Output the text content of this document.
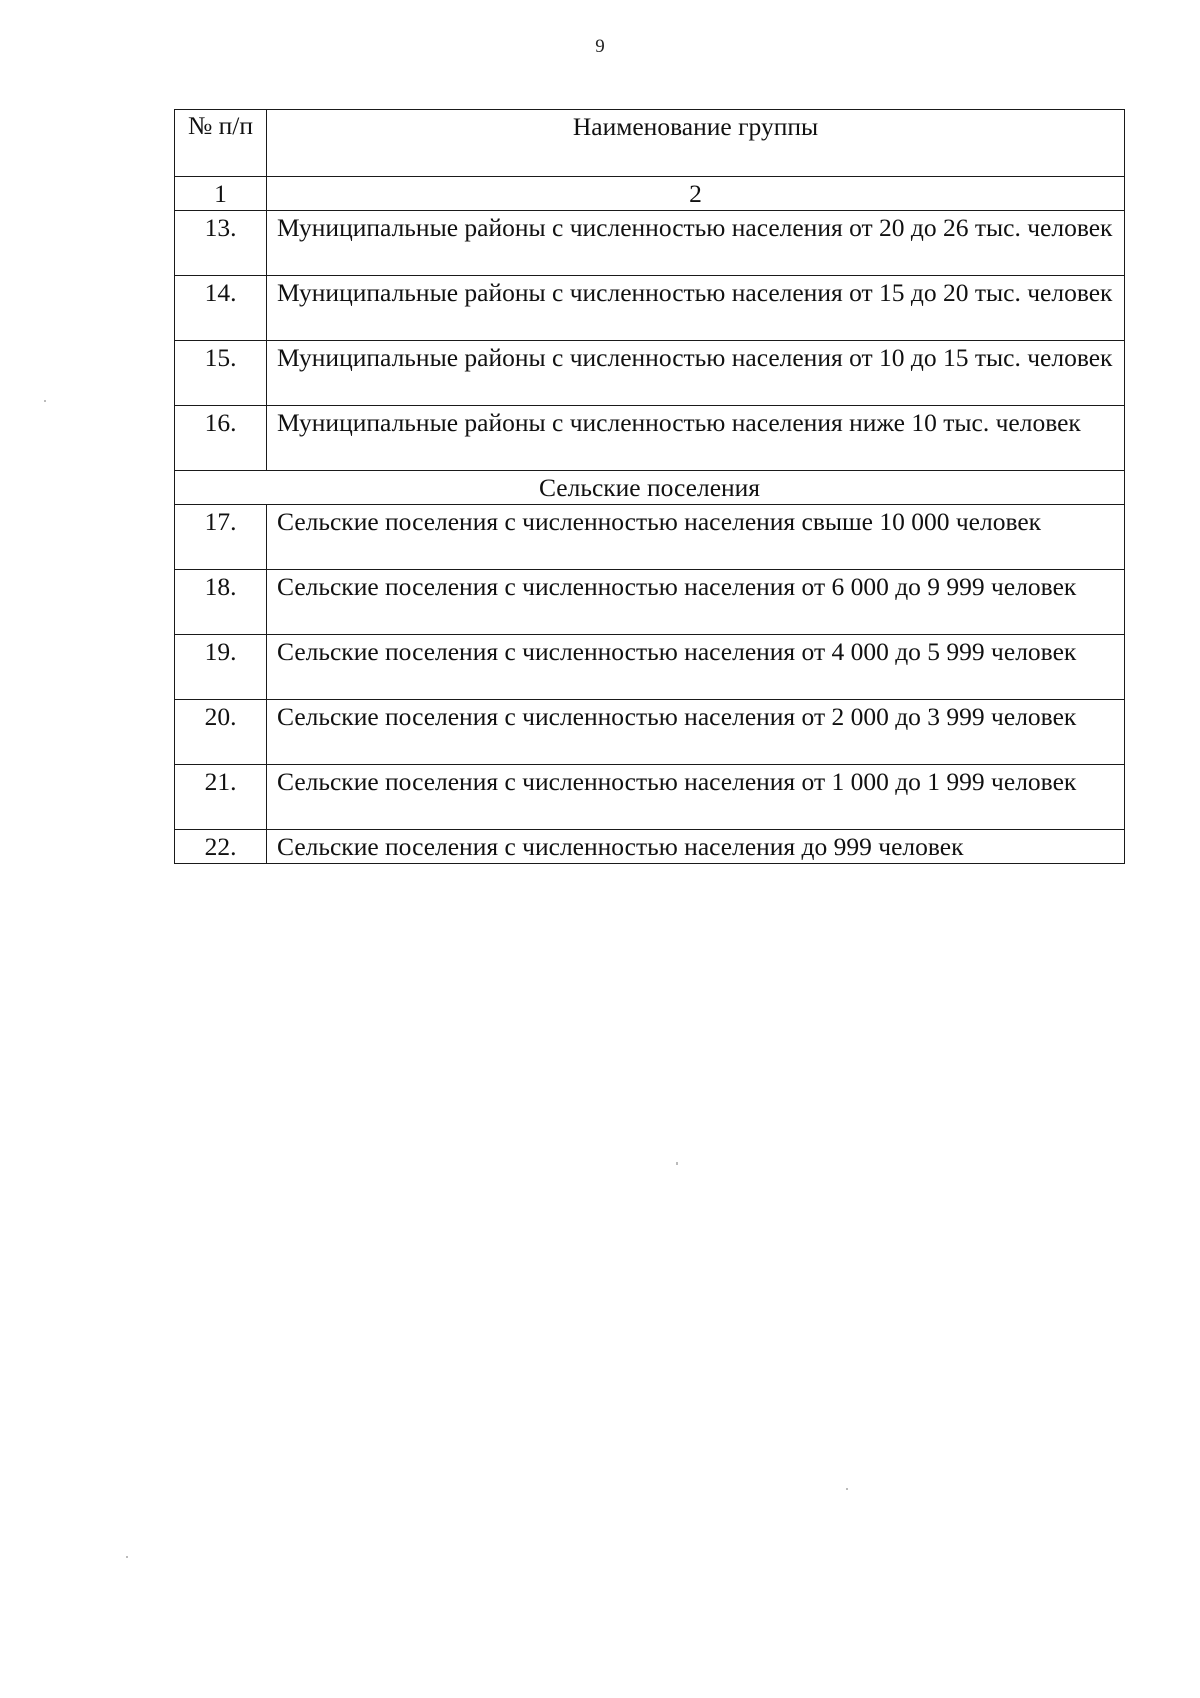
9
№ п/п	Наименование группы
1	2
13.	Муниципальные районы с численностью населения от 20 до 26 тыс. человек
14.	Муниципальные районы с численностью населения от 15 до 20 тыс. человек
15.	Муниципальные районы с численностью населения от 10 до 15 тыс. человек
16.	Муниципальные районы с численностью населения ниже 10 тыс. человек
Сельские поселения	
17.	Сельские поселения с численностью населения свыше 10 000 человек
18.	Сельские поселения с численностью населения от 6 000 до 9 999 человек
19.	Сельские поселения с численностью населения от 4 000 до 5 999 человек
20.	Сельские поселения с численностью населения от 2 000 до 3 999 человек
21.	Сельские поселения с численностью населения от 1 000 до 1 999 человек
22.	Сельские поселения с численностью населения до 999 человек
